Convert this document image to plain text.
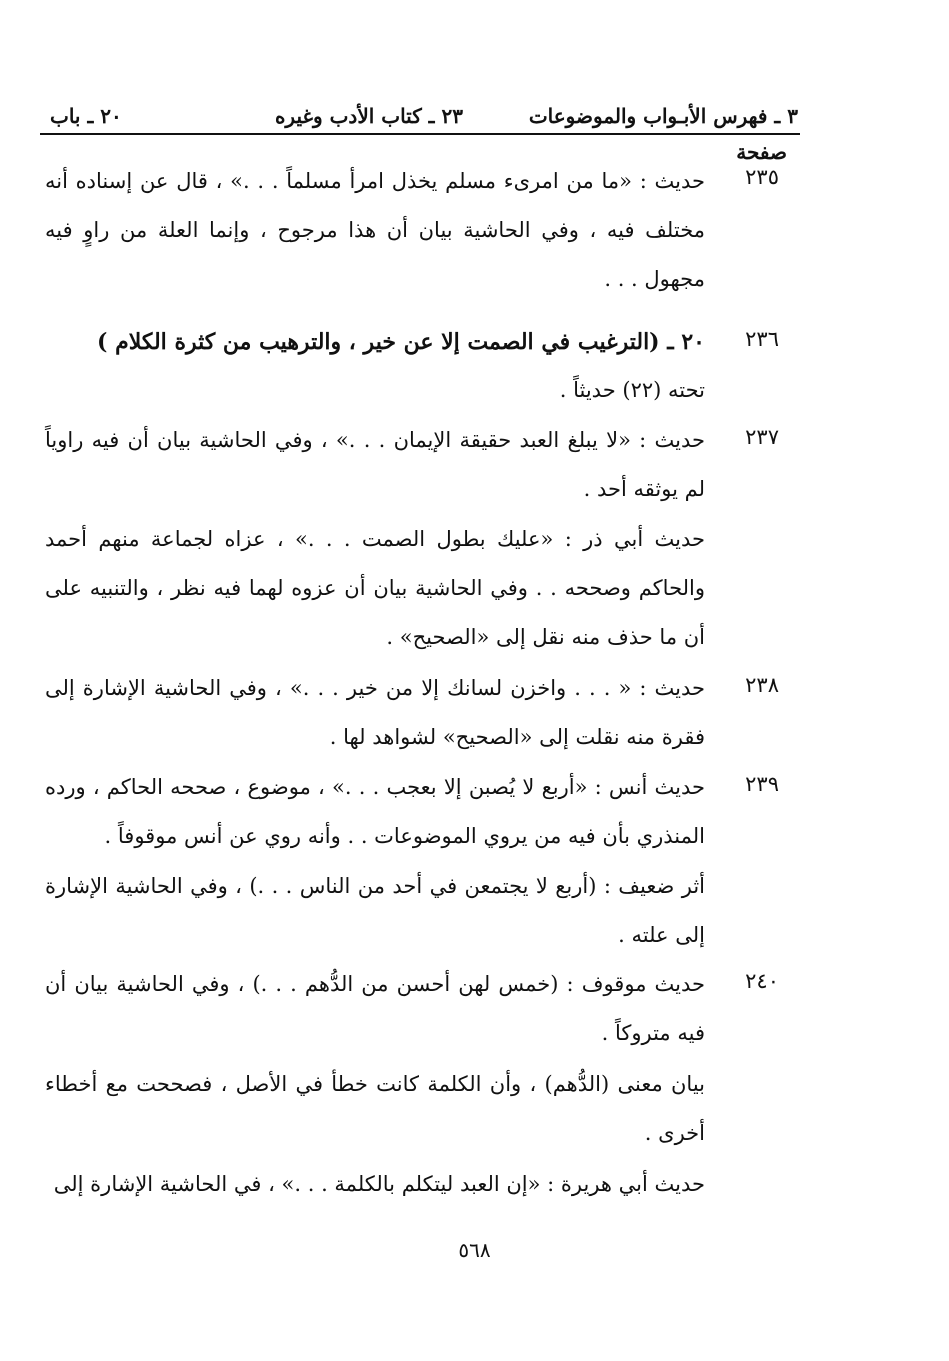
٣ ـ فهرس الأبـواب والموضوعات
٢٣ ـ كتاب الأدب وغيره
٢٠ ـ باب
صفحة
٢٣٥
حديث : «ما من امرىء مسلم يخذل امرأ مسلماً . . .» ، قال عن إسناده أنه مختلف فيه ، وفي الحاشية بيان أن هذا مرجوح ، وإنما العلة من راوٍ فيه مجهول . . .
٢٣٦
٢٠ ـ (الترغيب في الصمت إلا عن خير ، والترهيب من كثرة الكلام )
تحته (٢٢) حديثاً .
٢٣٧
حديث : «لا يبلغ العبد حقيقة الإيمان . . .» ، وفي الحاشية بيان أن فيه راوياً لم يوثقه أحد .
حديث أبي ذر : «عليك بطول الصمت . . .» ، عزاه لجماعة منهم أحمد والحاكم وصححه . . وفي الحاشية بيان أن عزوه لهما فيه نظر ، والتنبيه على أن ما حذف منه نقل إلى «الصحيح» .
٢٣٨
حديث : « . . . واخزن لسانك إلا من خير . . .» ، وفي الحاشية الإشارة إلى فقرة منه نقلت إلى «الصحيح» لشواهد لها .
٢٣٩
حديث أنس : «أربع لا يُصبن إلا بعجب . . .» ، موضوع ، صححه الحاكم ، ورده المنذري بأن فيه من يروي الموضوعات . . وأنه روي عن أنس موقوفاً .
أثر ضعيف : (أربع لا يجتمعن في أحد من الناس . . .) ، وفي الحاشية الإشارة إلى علته .
٢٤٠
حديث موقوف : (خمس لهن أحسن من الدُّهم . . .) ، وفي الحاشية بيان أن فيه متروكاً .
بيان معنى (الدُّهم) ، وأن الكلمة كانت خطأ في الأصل ، فصححت مع أخطاء أخرى .
حديث أبي هريرة : «إن العبد ليتكلم بالكلمة . . .» ، في الحاشية الإشارة إلى
٥٦٨
